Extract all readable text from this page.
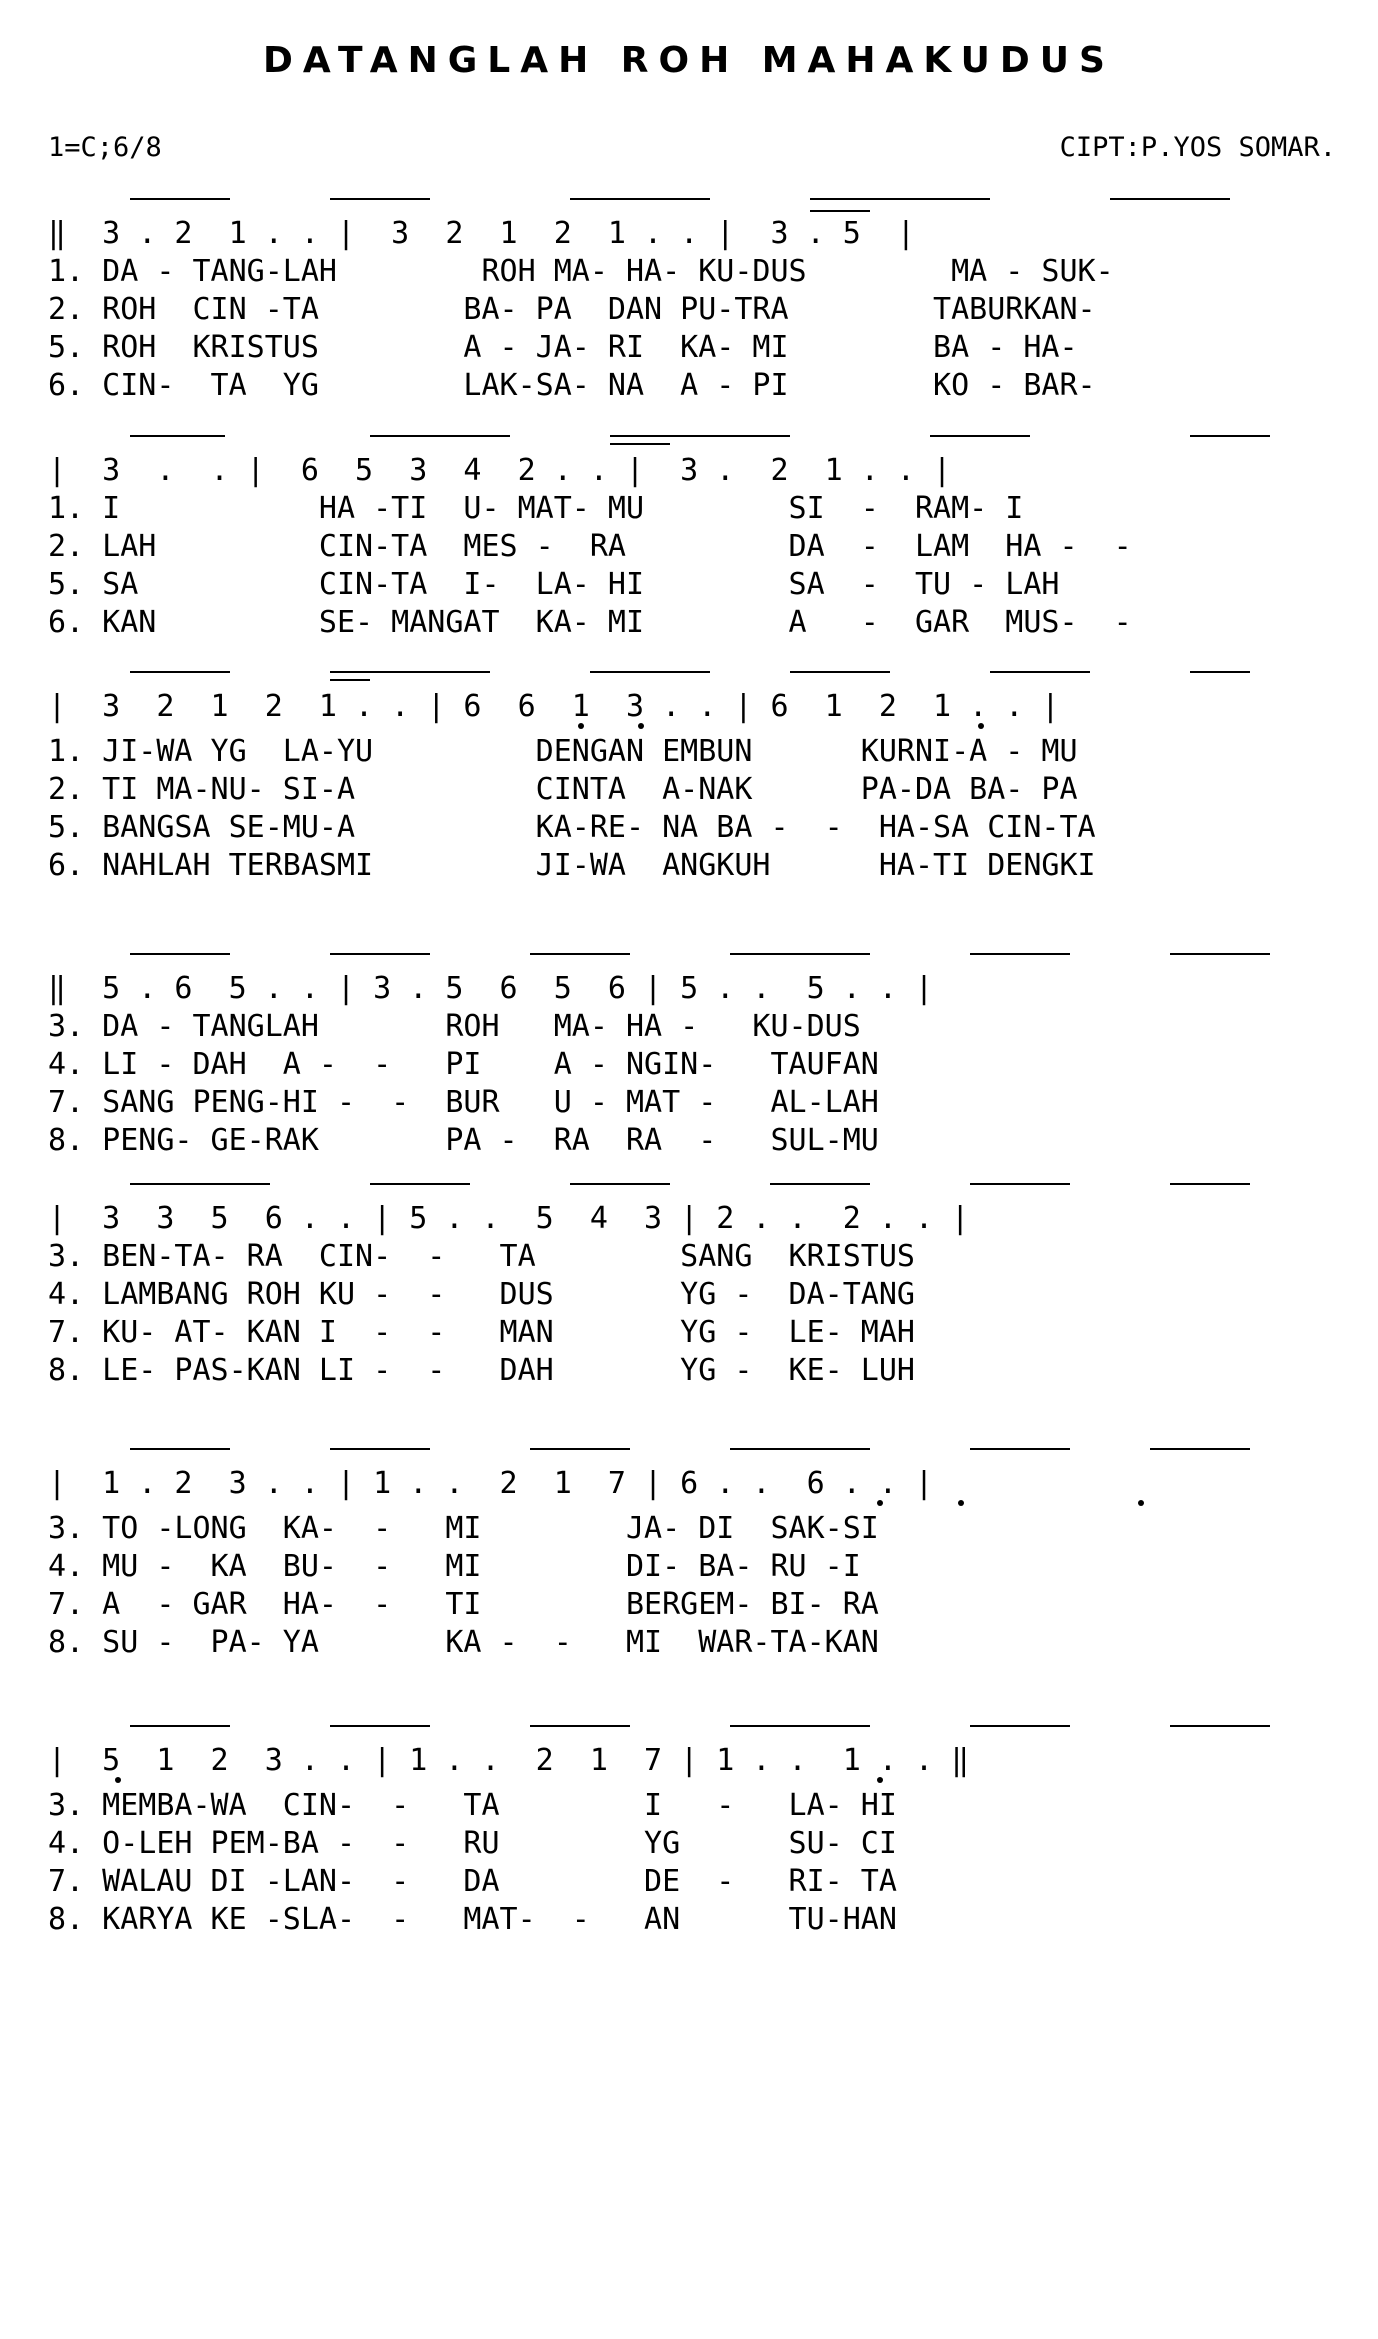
DATANGLAH ROH MAHAKUDUS
1=C;6/8	CIPT:P.YOS SOMAR.
‖  3 . 2  1 . . |  3  2  1  2  1 . . |  3 . 5  |
1. DA - TANG-LAH        ROH MA- HA- KU-DUS        MA - SUK-
2. ROH  CIN -TA        BA- PA  DAN PU-TRA        TABURKAN-
5. ROH  KRISTUS        A - JA- RI  KA- MI        BA - HA-
6. CIN-  TA  YG        LAK-SA- NA  A - PI        KO - BAR-
|  3  .  . |  6  5  3  4  2 . . |  3 .  2  1 . . |
1. I           HA -TI  U- MAT- MU        SI  -  RAM- I
2. LAH         CIN-TA  MES -  RA         DA  -  LAM  HA -  -
5. SA          CIN-TA  I-  LA- HI        SA  -  TU - LAH
6. KAN         SE- MANGAT  KA- MI        A   -  GAR  MUS-  -
|  3  2  1  2  1 . . | 6  6  1  3 . . | 6  1  2  1 . . |
1. JI-WA YG  LA-YU         DENGAN EMBUN      KURNI-A - MU
2. TI MA-NU- SI-A          CINTA  A-NAK      PA-DA BA- PA
5. BANGSA SE-MU-A          KA-RE- NA BA -  -  HA-SA CIN-TA
6. NAHLAH TERBASMI         JI-WA  ANGKUH      HA-TI DENGKI
‖  5 . 6  5 . . | 3 . 5  6  5  6 | 5 . .  5 . . |
3. DA - TANGLAH       ROH   MA- HA -   KU-DUS
4. LI - DAH  A -  -   PI    A - NGIN-   TAUFAN
7. SANG PENG-HI -  -  BUR   U - MAT -   AL-LAH
8. PENG- GE-RAK       PA -  RA  RA  -   SUL-MU
|  3  3  5  6 . . | 5 . .  5  4  3 | 2 . .  2 . . |
3. BEN-TA- RA  CIN-  -   TA        SANG  KRISTUS
4. LAMBANG ROH KU -  -   DUS       YG -  DA-TANG
7. KU- AT- KAN I  -  -   MAN       YG -  LE- MAH
8. LE- PAS-KAN LI -  -   DAH       YG -  KE- LUH
|  1 . 2  3 . . | 1 . .  2  1  7 | 6 . .  6 . . |
3. TO -LONG  KA-  -   MI        JA- DI  SAK-SI
4. MU -  KA  BU-  -   MI        DI- BA- RU -I
7. A  - GAR  HA-  -   TI        BERGEM- BI- RA
8. SU -  PA- YA       KA -  -   MI  WAR-TA-KAN
|  5  1  2  3 . . | 1 . .  2  1  7 | 1 . .  1 . . ‖
3. MEMBA-WA  CIN-  -   TA        I   -   LA- HI
4. O-LEH PEM-BA -  -   RU        YG      SU- CI
7. WALAU DI -LAN-  -   DA        DE  -   RI- TA
8. KARYA KE -SLA-  -   MAT-  -   AN      TU-HAN
